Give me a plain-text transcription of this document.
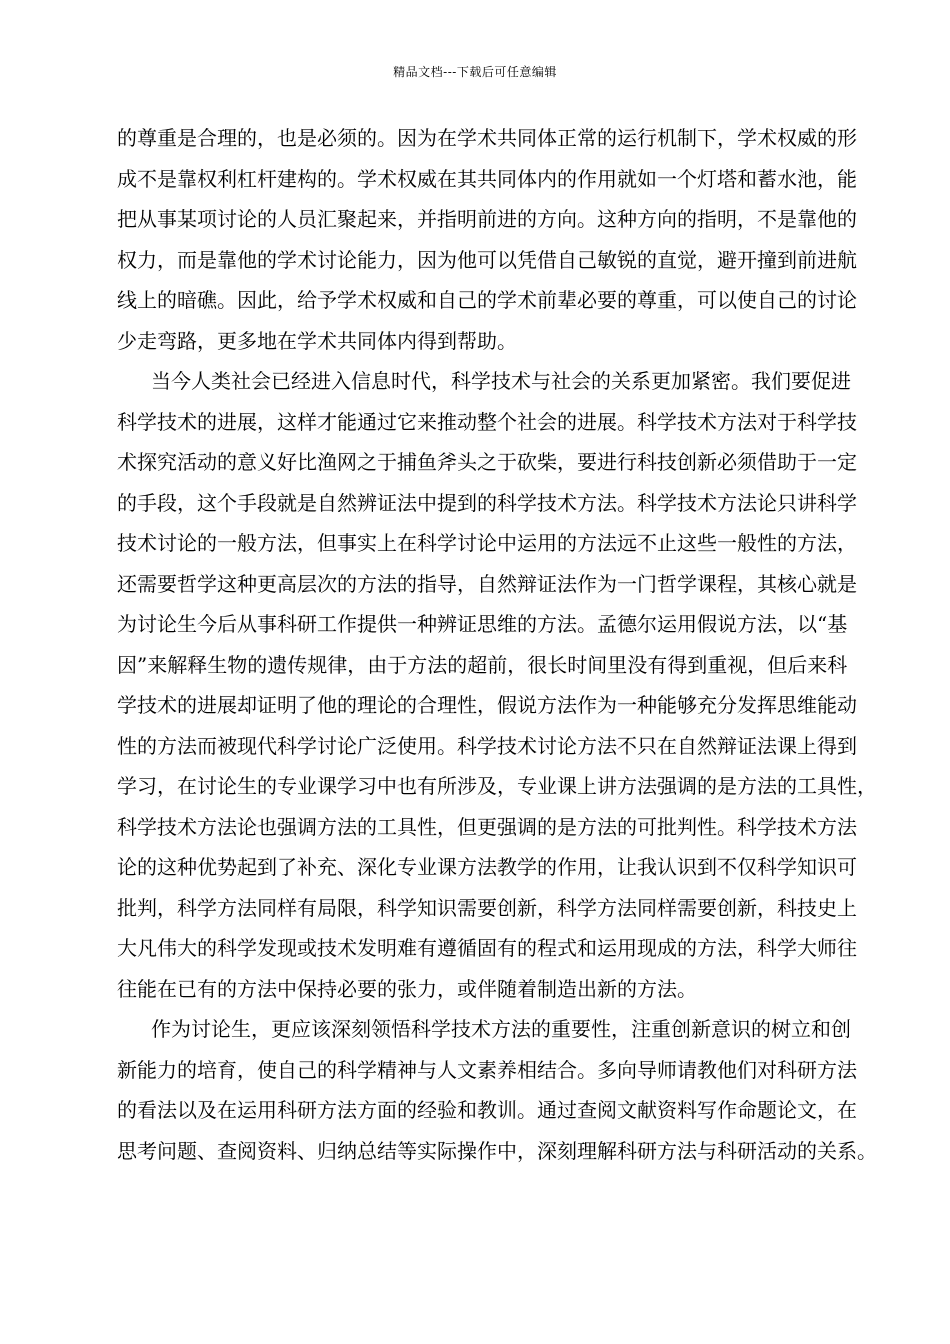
精品文档---下载后可任意编辑
的尊重是合理的，也是必须的。因为在学术共同体正常的运行机制下，学术权威的形
成不是靠权利杠杆建构的。学术权威在其共同体内的作用就如一个灯塔和蓄水池，能
把从事某项讨论的人员汇聚起来，并指明前进的方向。这种方向的指明，不是靠他的
权力，而是靠他的学术讨论能力，因为他可以凭借自己敏锐的直觉，避开撞到前进航
线上的暗礁。因此，给予学术权威和自己的学术前辈必要的尊重，可以使自己的讨论
少走弯路，更多地在学术共同体内得到帮助。
当今人类社会已经进入信息时代，科学技术与社会的关系更加紧密。我们要促进
科学技术的进展，这样才能通过它来推动整个社会的进展。科学技术方法对于科学技
术探究活动的意义好比渔网之于捕鱼斧头之于砍柴，要进行科技创新必须借助于一定
的手段，这个手段就是自然辨证法中提到的科学技术方法。科学技术方法论只讲科学
技术讨论的一般方法，但事实上在科学讨论中运用的方法远不止这些一般性的方法，
还需要哲学这种更高层次的方法的指导，自然辩证法作为一门哲学课程，其核心就是
为讨论生今后从事科研工作提供一种辨证思维的方法。孟德尔运用假说方法，以“基
因”来解释生物的遗传规律，由于方法的超前，很长时间里没有得到重视，但后来科
学技术的进展却证明了他的理论的合理性，假说方法作为一种能够充分发挥思维能动
性的方法而被现代科学讨论广泛使用。科学技术讨论方法不只在自然辩证法课上得到
学习，在讨论生的专业课学习中也有所涉及，专业课上讲方法强调的是方法的工具性，
科学技术方法论也强调方法的工具性，但更强调的是方法的可批判性。科学技术方法
论的这种优势起到了补充、深化专业课方法教学的作用，让我认识到不仅科学知识可
批判，科学方法同样有局限，科学知识需要创新，科学方法同样需要创新，科技史上
大凡伟大的科学发现或技术发明难有遵循固有的程式和运用现成的方法，科学大师往
往能在已有的方法中保持必要的张力，或伴随着制造出新的方法。
作为讨论生，更应该深刻领悟科学技术方法的重要性，注重创新意识的树立和创
新能力的培育，使自己的科学精神与人文素养相结合。多向导师请教他们对科研方法
的看法以及在运用科研方法方面的经验和教训。通过查阅文献资料写作命题论文，在
思考问题、查阅资料、归纳总结等实际操作中，深刻理解科研方法与科研活动的关系。
